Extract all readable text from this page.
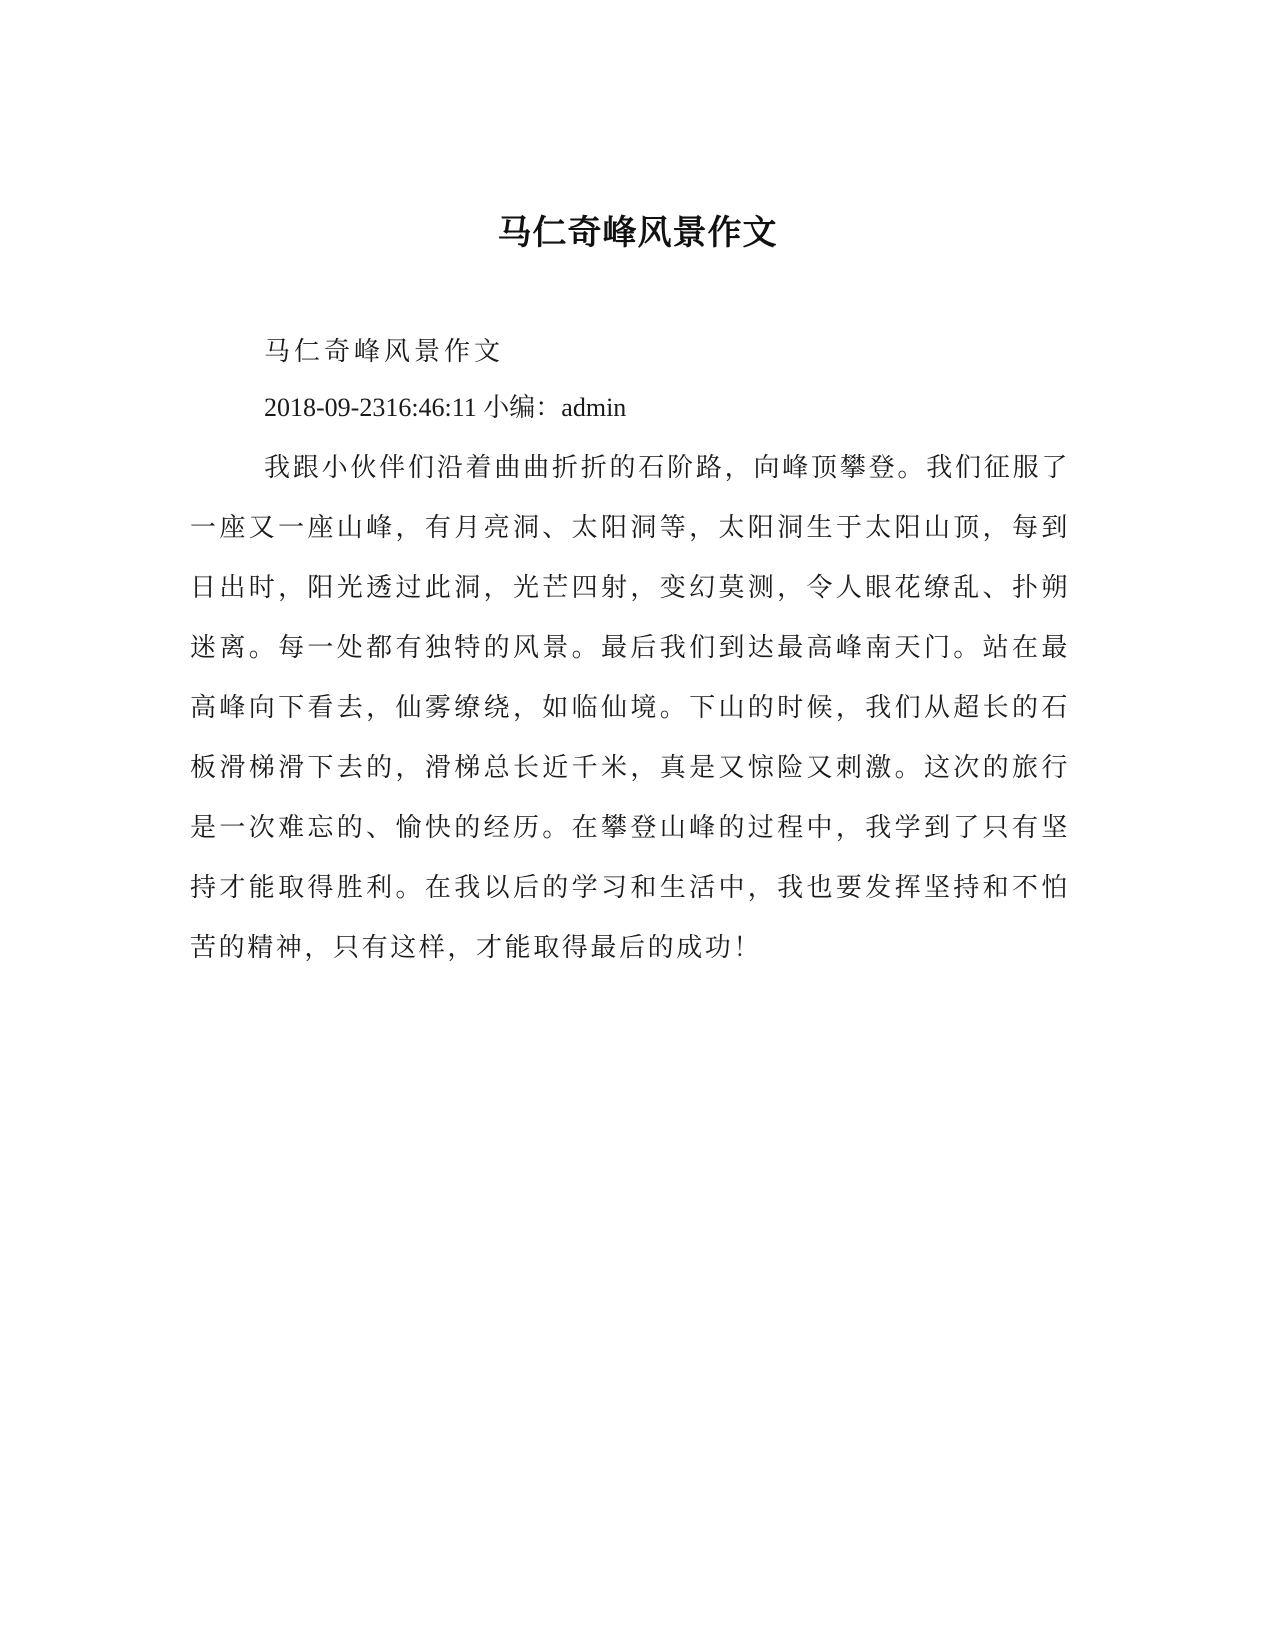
马仁奇峰风景作文

马仁奇峰风景作文

2018-09-2316:46:11 小编：admin

我跟小伙伴们沿着曲曲折折的石阶路，向峰顶攀登。我们征服了一座又一座山峰，有月亮洞、太阳洞等，太阳洞生于太阳山顶，每到日出时，阳光透过此洞，光芒四射，变幻莫测，令人眼花缭乱、扑朔迷离。每一处都有独特的风景。最后我们到达最高峰南天门。站在最高峰向下看去，仙雾缭绕，如临仙境。下山的时候，我们从超长的石板滑梯滑下去的，滑梯总长近千米，真是又惊险又刺激。这次的旅行是一次难忘的、愉快的经历。在攀登山峰的过程中，我学到了只有坚持才能取得胜利。在我以后的学习和生活中，我也要发挥坚持和不怕苦的精神，只有这样，才能取得最后的成功！
